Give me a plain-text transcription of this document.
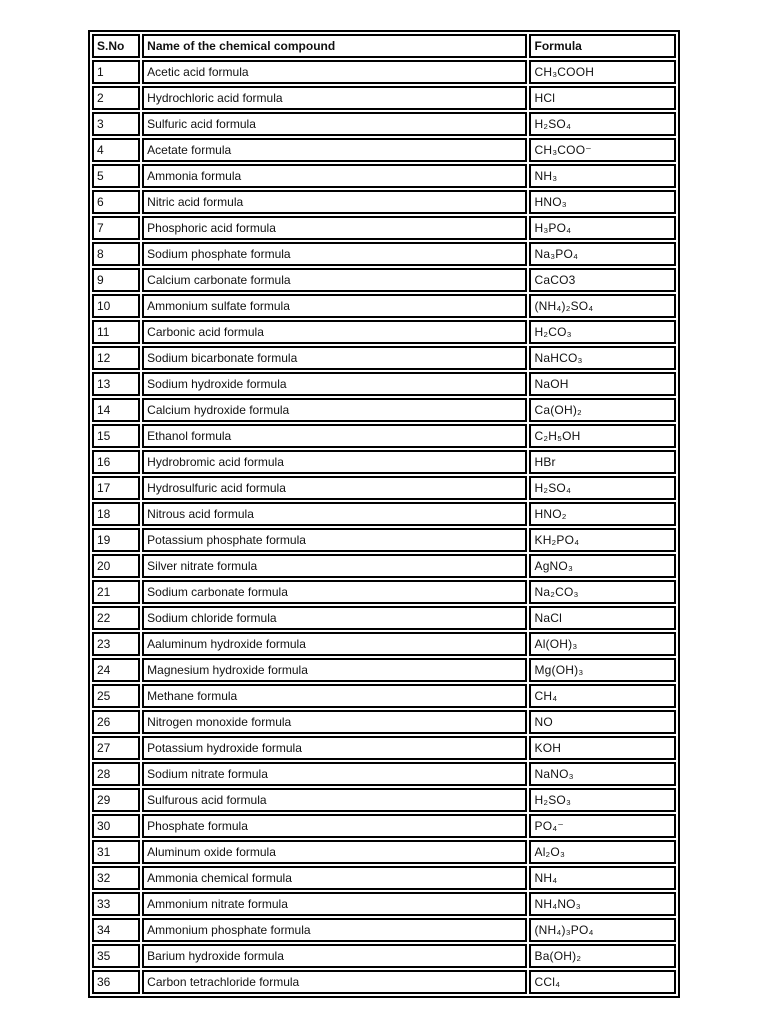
S.No	Name of the chemical compound	Formula
1	Acetic acid formula	CH₃COOH
2	Hydrochloric acid formula	HCl
3	Sulfuric acid formula	H₂SO₄
4	Acetate formula	CH₃COO⁻
5	Ammonia formula	NH₃
6	Nitric acid formula	HNO₃
7	Phosphoric acid formula	H₃PO₄
8	Sodium phosphate formula	Na₃PO₄
9	Calcium carbonate formula	CaCO3
10	Ammonium sulfate formula	(NH₄)₂SO₄
11	Carbonic acid formula	H₂CO₃
12	Sodium bicarbonate formula	NaHCO₃
13	Sodium hydroxide formula	NaOH
14	Calcium hydroxide formula	Ca(OH)₂
15	Ethanol formula	C₂H₅OH
16	Hydrobromic acid formula	HBr
17	Hydrosulfuric acid formula	H₂SO₄
18	Nitrous acid formula	HNO₂
19	Potassium phosphate formula	KH₂PO₄
20	Silver nitrate formula	AgNO₃
21	Sodium carbonate formula	Na₂CO₃
22	Sodium chloride formula	NaCl
23	Aaluminum hydroxide formula	Al(OH)₃
24	Magnesium hydroxide formula	Mg(OH)₃
25	Methane formula	CH₄
26	Nitrogen monoxide formula	NO
27	Potassium hydroxide formula	KOH
28	Sodium nitrate formula	NaNO₃
29	Sulfurous acid formula	H₂SO₃
30	Phosphate formula	PO₄⁻
31	Aluminum oxide formula	Al₂O₃
32	Ammonia chemical formula	NH₄
33	Ammonium nitrate formula	NH₄NO₃
34	Ammonium phosphate formula	(NH₄)₃PO₄
35	Barium hydroxide formula	Ba(OH)₂
36	Carbon tetrachloride formula	CCl₄
